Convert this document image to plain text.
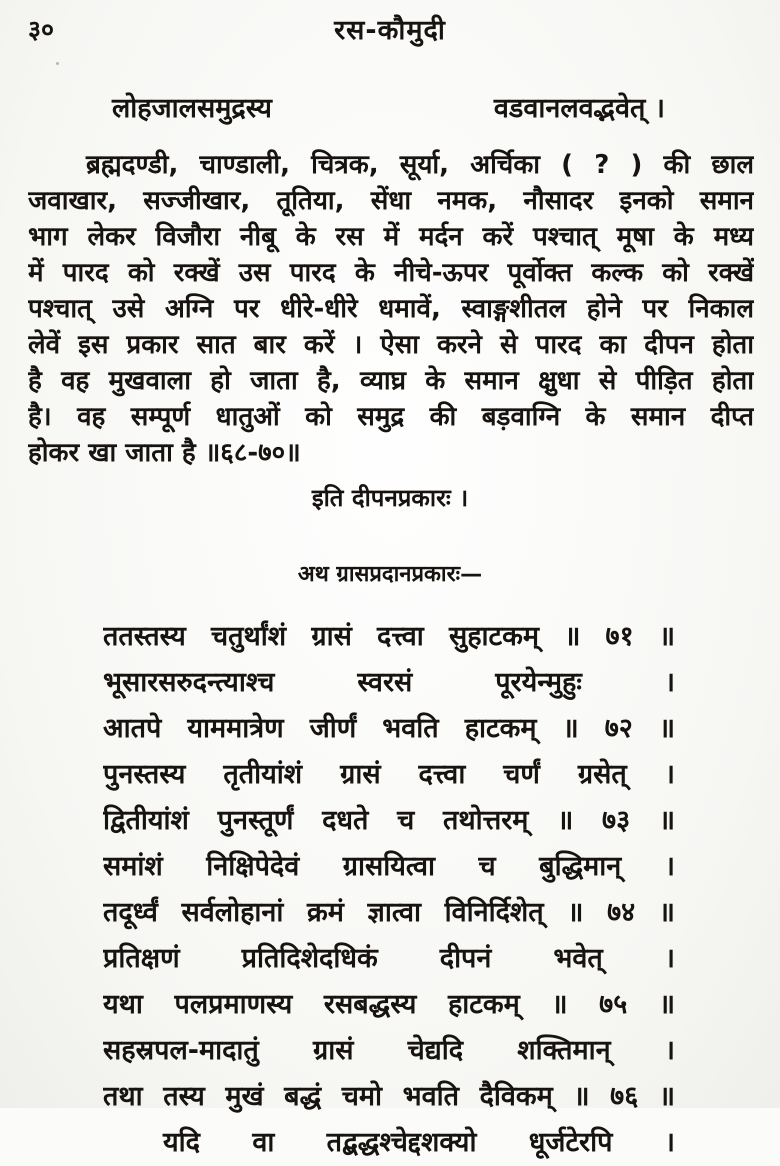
३०	रस-कौमुदी
लोहजालसमुद्रस्य	वडवानलवद्भवेत् ।
ब्रह्मदण्डी, चाण्डाली, चित्रक, सूर्या, अर्चिका ( ? ) की छाल
जवाखार, सज्जीखार, तूतिया, सेंधा नमक, नौसादर इनको समान
भाग लेकर विजौरा नीबू के रस में मर्दन करें पश्चात् मूषा के मध्य
में पारद को रक्खें उस पारद के नीचे-ऊपर पूर्वोक्त कल्क को रक्खें
पश्चात् उसे अग्नि पर धीरे-धीरे धमावें, स्वाङ्गशीतल होने पर निकाल
लेवें इस प्रकार सात बार करें । ऐसा करने से पारद का दीपन होता
है वह मुखवाला हो जाता है, व्याघ्र के समान क्षुधा से पीड़ित होता
है। वह सम्पूर्ण धातुओं को समुद्र की बड़वाग्नि के समान दीप्त
होकर खा जाता है ॥६८-७०॥
इति दीपनप्रकारः ।
अथ ग्रासप्रदानप्रकारः—
ततस्तस्य चतुर्थांशं ग्रासं दत्त्वा सुहाटकम् ॥ ७१ ॥
भूसारसरुदन्त्याश्च स्वरसं पूरयेन्मुहुः ।
आतपे याममात्रेण जीर्णं भवति हाटकम् ॥ ७२ ॥
पुनस्तस्य तृतीयांशं ग्रासं दत्त्वा चर्णं ग्रसेत् ।
द्वितीयांशं पुनस्तूर्णं दधते च तथोत्तरम् ॥ ७३ ॥
समांशं निक्षिपेदेवं ग्रासयित्वा च बुद्धिमान् ।
तदूर्ध्वं सर्वलोहानां क्रमं ज्ञात्वा विनिर्दिशेत् ॥ ७४ ॥
प्रतिक्षणं प्रतिदिशेदधिकं दीपनं भवेत् ।
यथा पलप्रमाणस्य रसबद्धस्य हाटकम् ॥ ७५ ॥
सहस्रपल-मादातुं ग्रासं चेद्यदि शक्तिमान् ।
तथा तस्य मुखं बद्धं चमो भवति दैविकम् ॥ ७६ ॥
यदि वा तद्बद्धश्चेद्दशक्यो धूर्जटेरपि ।
